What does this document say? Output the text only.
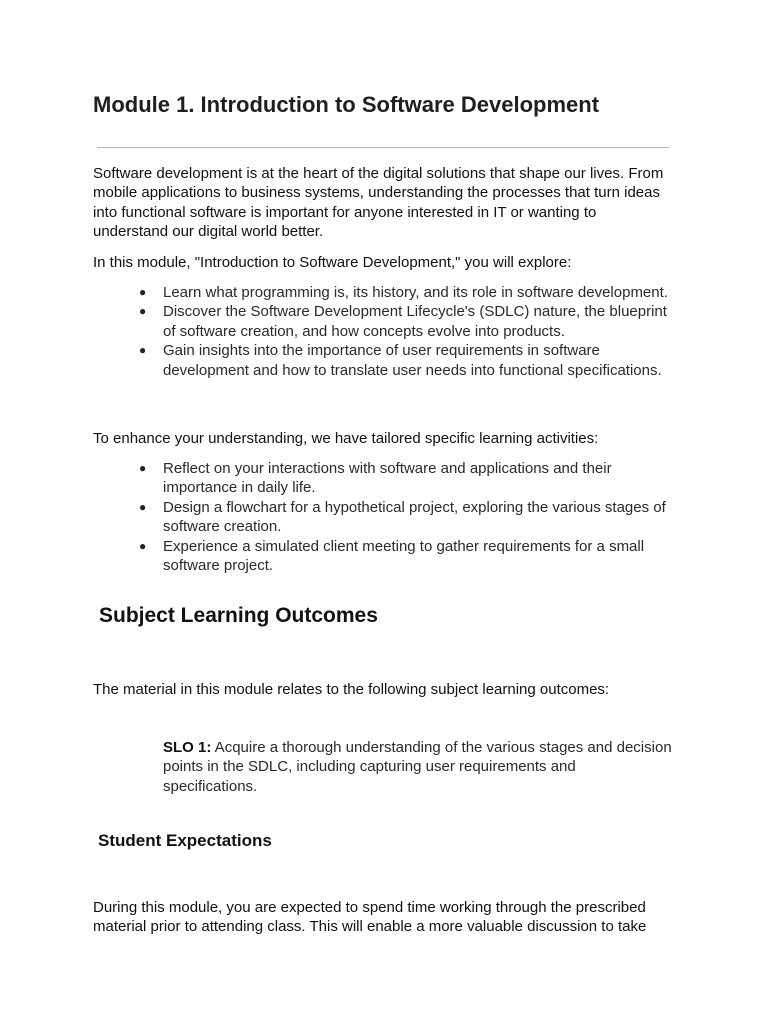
Module 1. Introduction to Software Development

Software development is at the heart of the digital solutions that shape our lives. From mobile applications to business systems, understanding the processes that turn ideas into functional software is important for anyone interested in IT or wanting to understand our digital world better.

In this module, "Introduction to Software Development," you will explore:

● Learn what programming is, its history, and its role in software development.
● Discover the Software Development Lifecycle's (SDLC) nature, the blueprint of software creation, and how concepts evolve into products.
● Gain insights into the importance of user requirements in software development and how to translate user needs into functional specifications.

To enhance your understanding, we have tailored specific learning activities:

● Reflect on your interactions with software and applications and their importance in daily life.
● Design a flowchart for a hypothetical project, exploring the various stages of software creation.
● Experience a simulated client meeting to gather requirements for a small software project.
Subject Learning Outcomes

The material in this module relates to the following subject learning outcomes:

SLO 1: Acquire a thorough understanding of the various stages and decision points in the SDLC, including capturing user requirements and specifications.

Student Expectations

During this module, you are expected to spend time working through the prescribed material prior to attending class. This will enable a more valuable discussion to take
